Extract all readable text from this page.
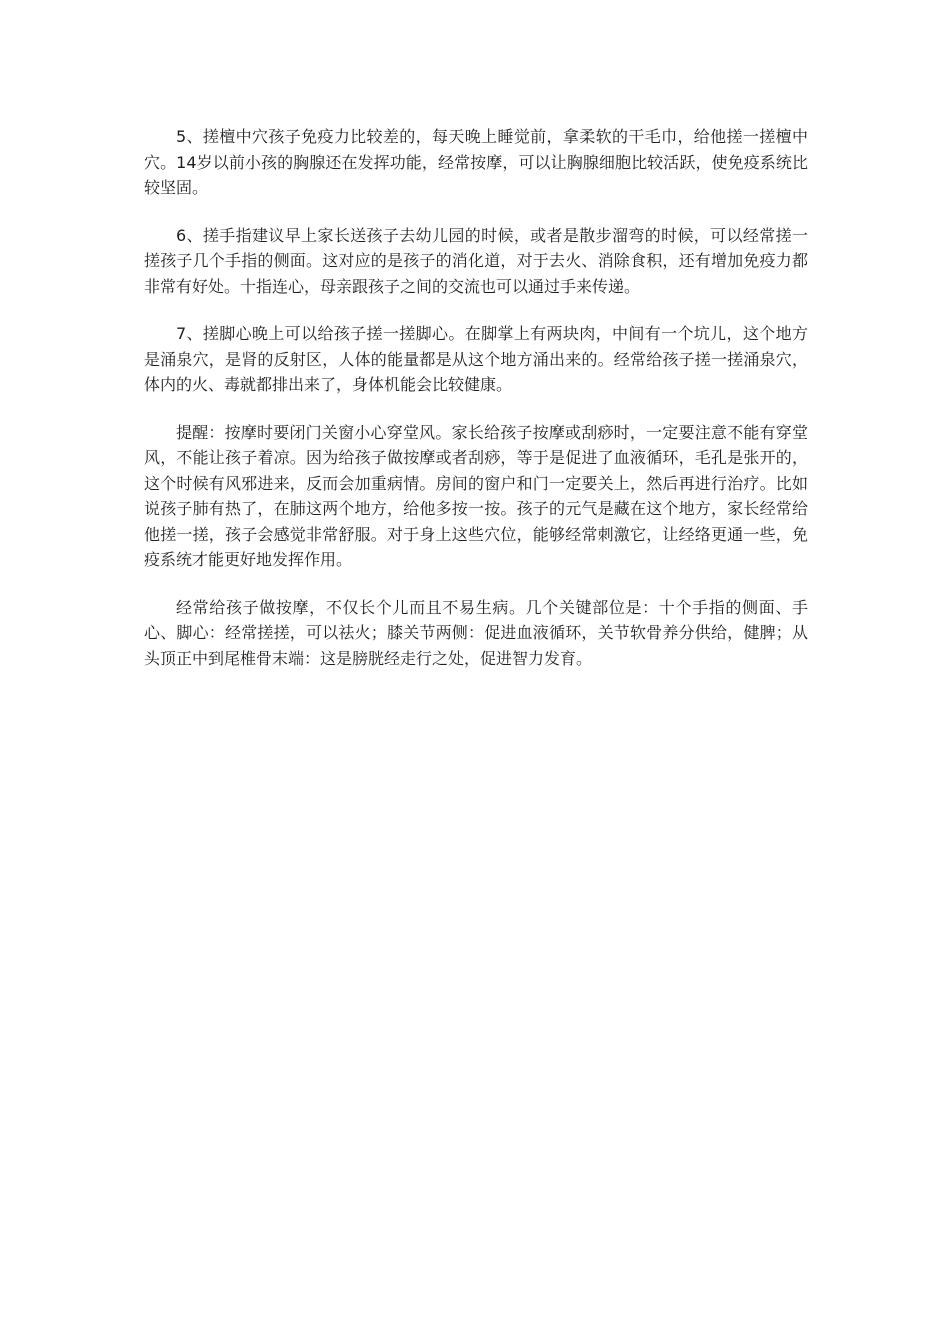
5、搓檀中穴孩子免疫力比较差的，每天晚上睡觉前，拿柔软的干毛巾，给他搓一搓檀中穴。14岁以前小孩的胸腺还在发挥功能，经常按摩，可以让胸腺细胞比较活跃，使免疫系统比较坚固。

6、搓手指建议早上家长送孩子去幼儿园的时候，或者是散步溜弯的时候，可以经常搓一搓孩子几个手指的侧面。这对应的是孩子的消化道，对于去火、消除食积，还有增加免疫力都非常有好处。十指连心，母亲跟孩子之间的交流也可以通过手来传递。

7、搓脚心晚上可以给孩子搓一搓脚心。在脚掌上有两块肉，中间有一个坑儿，这个地方是涌泉穴，是肾的反射区，人体的能量都是从这个地方涌出来的。经常给孩子搓一搓涌泉穴，体内的火、毒就都排出来了，身体机能会比较健康。

提醒：按摩时要闭门关窗小心穿堂风。家长给孩子按摩或刮痧时，一定要注意不能有穿堂风，不能让孩子着凉。因为给孩子做按摩或者刮痧，等于是促进了血液循环，毛孔是张开的，这个时候有风邪进来，反而会加重病情。房间的窗户和门一定要关上，然后再进行治疗。比如说孩子肺有热了，在肺这两个地方，给他多按一按。孩子的元气是藏在这个地方，家长经常给他搓一搓，孩子会感觉非常舒服。对于身上这些穴位，能够经常刺激它，让经络更通一些，免疫系统才能更好地发挥作用。

经常给孩子做按摩，不仅长个儿而且不易生病。几个关键部位是：十个手指的侧面、手心、脚心：经常搓搓，可以祛火；膝关节两侧：促进血液循环，关节软骨养分供给，健脾；从头顶正中到尾椎骨末端：这是膀胱经走行之处，促进智力发育。
